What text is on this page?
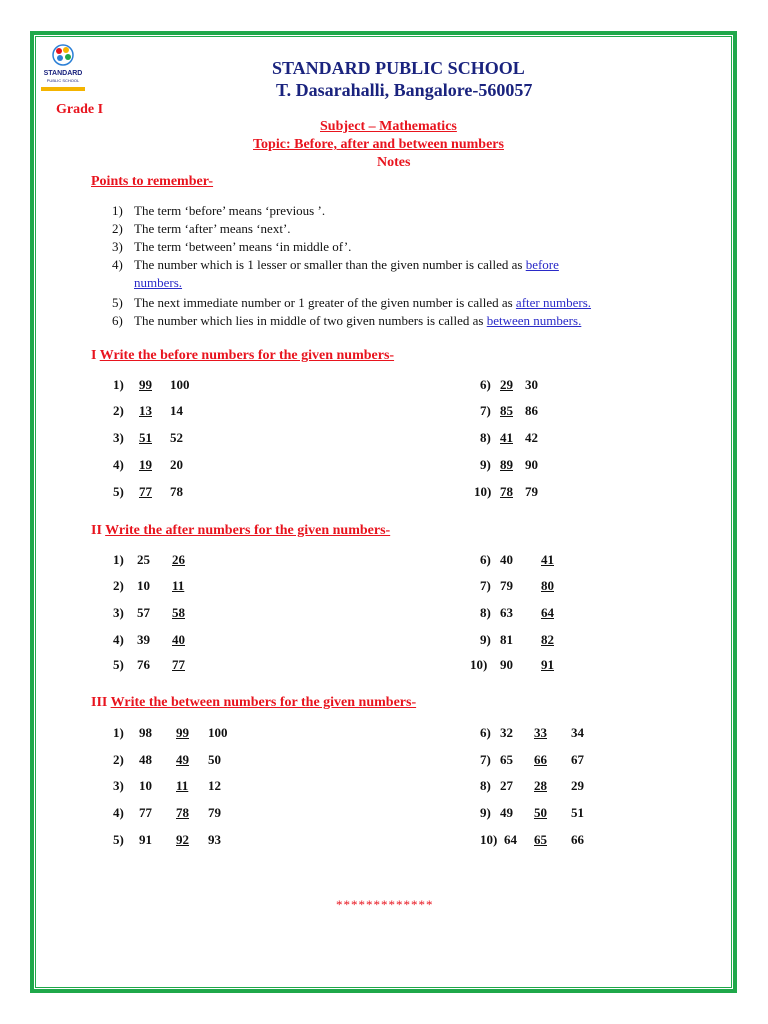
STANDARD
PUBLIC SCHOOL
STANDARD PUBLIC SCHOOL
T. Dasarahalli, Bangalore-560057
Grade I
Subject – Mathematics
Topic: Before, after and between numbers
Notes
Points to remember-
1) The term ‘before’ means ‘previous ’.
2) The term ‘after’ means ‘next’.
3) The term ‘between’ means ‘in middle of’.
4) The number which is 1 lesser or smaller than the given number is called as before
numbers.
5) The next immediate number or 1 greater of the given number is called as after numbers.
6) The number which lies in middle of two given numbers is called as between numbers.
I Write the before numbers for the given numbers-
1) 99 100
2) 13 14
3) 51 52
4) 19 20
5) 77 78
6) 29 30
7) 85 86
8) 41 42
9) 89 90
10) 78 79
II Write the after numbers for the given numbers-
1) 25 26
2) 10 11
3) 57 58
4) 39 40
5) 76 77
6) 40 41
7) 79 80
8) 63 64
9) 81 82
10) 90 91
III Write the between numbers for the given numbers-
1) 98 99 100
2) 48 49 50
3) 10 11 12
4) 77 78 79
5) 91 92 93
6) 32 33 34
7) 65 66 67
8) 27 28 29
9) 49 50 51
10) 64 65 66
*************
